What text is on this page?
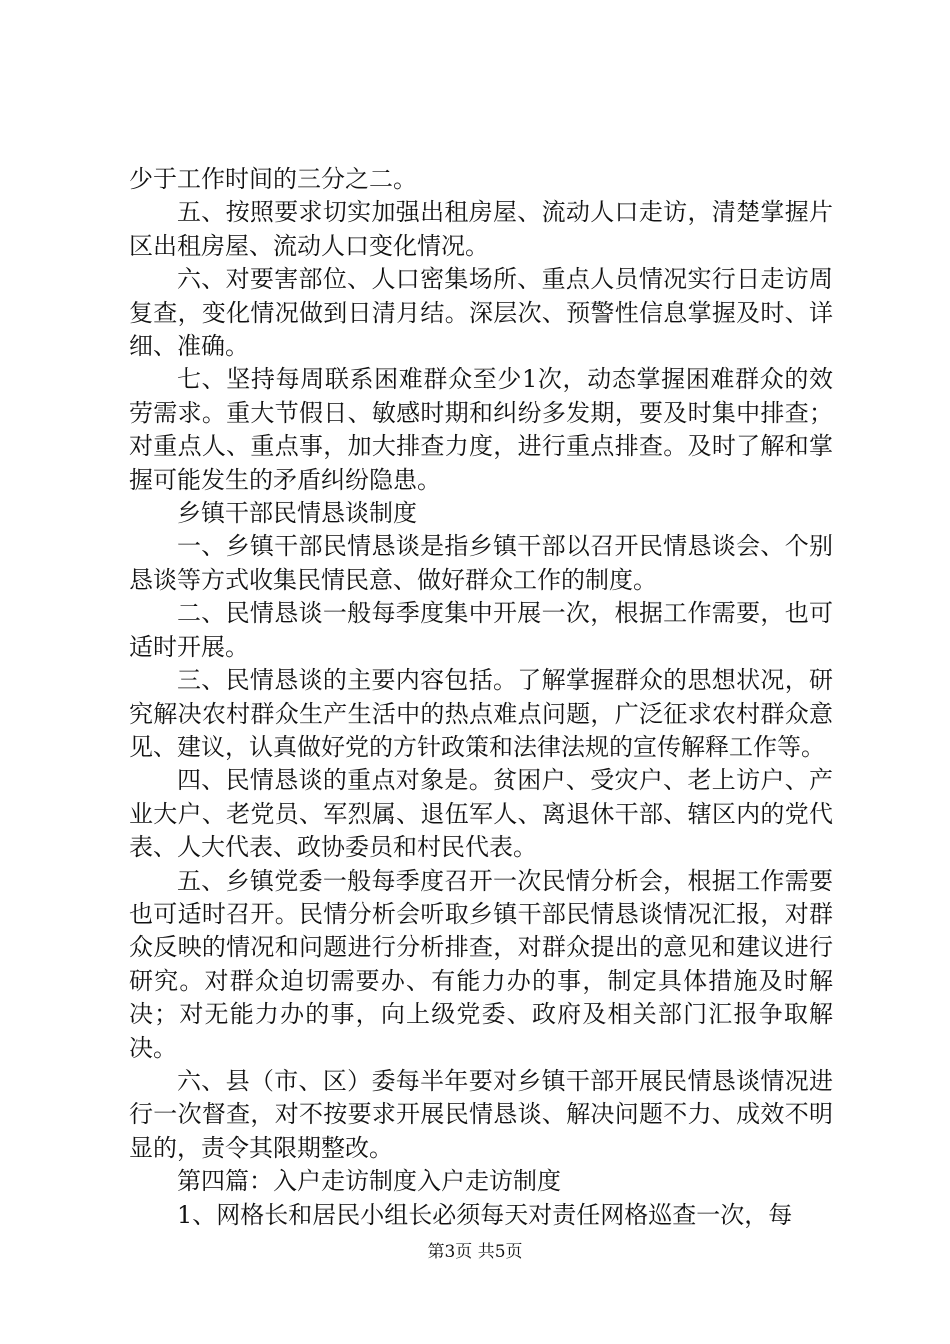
少于工作时间的三分之二。

五、按照要求切实加强出租房屋、流动人口走访，清楚掌握片区出租房屋、流动人口变化情况。

六、对要害部位、人口密集场所、重点人员情况实行日走访周复查，变化情况做到日清月结。深层次、预警性信息掌握及时、详细、准确。

七、坚持每周联系困难群众至少1次，动态掌握困难群众的效劳需求。重大节假日、敏感时期和纠纷多发期，要及时集中排查；对重点人、重点事，加大排查力度，进行重点排查。及时了解和掌握可能发生的矛盾纠纷隐患。

乡镇干部民情恳谈制度

一、乡镇干部民情恳谈是指乡镇干部以召开民情恳谈会、个别恳谈等方式收集民情民意、做好群众工作的制度。

二、民情恳谈一般每季度集中开展一次，根据工作需要，也可适时开展。

三、民情恳谈的主要内容包括。了解掌握群众的思想状况，研究解决农村群众生产生活中的热点难点问题，广泛征求农村群众意见、建议，认真做好党的方针政策和法律法规的宣传解释工作等。

四、民情恳谈的重点对象是。贫困户、受灾户、老上访户、产业大户、老党员、军烈属、退伍军人、离退休干部、辖区内的党代表、人大代表、政协委员和村民代表。

五、乡镇党委一般每季度召开一次民情分析会，根据工作需要也可适时召开。民情分析会听取乡镇干部民情恳谈情况汇报，对群众反映的情况和问题进行分析排查，对群众提出的意见和建议进行研究。对群众迫切需要办、有能力办的事，制定具体措施及时解决；对无能力办的事，向上级党委、政府及相关部门汇报争取解决。

六、县（市、区）委每半年要对乡镇干部开展民情恳谈情况进行一次督查，对不按要求开展民情恳谈、解决问题不力、成效不明显的，责令其限期整改。

第四篇：入户走访制度入户走访制度

1、网格长和居民小组长必须每天对责任网格巡查一次，每

第3页 共5页
